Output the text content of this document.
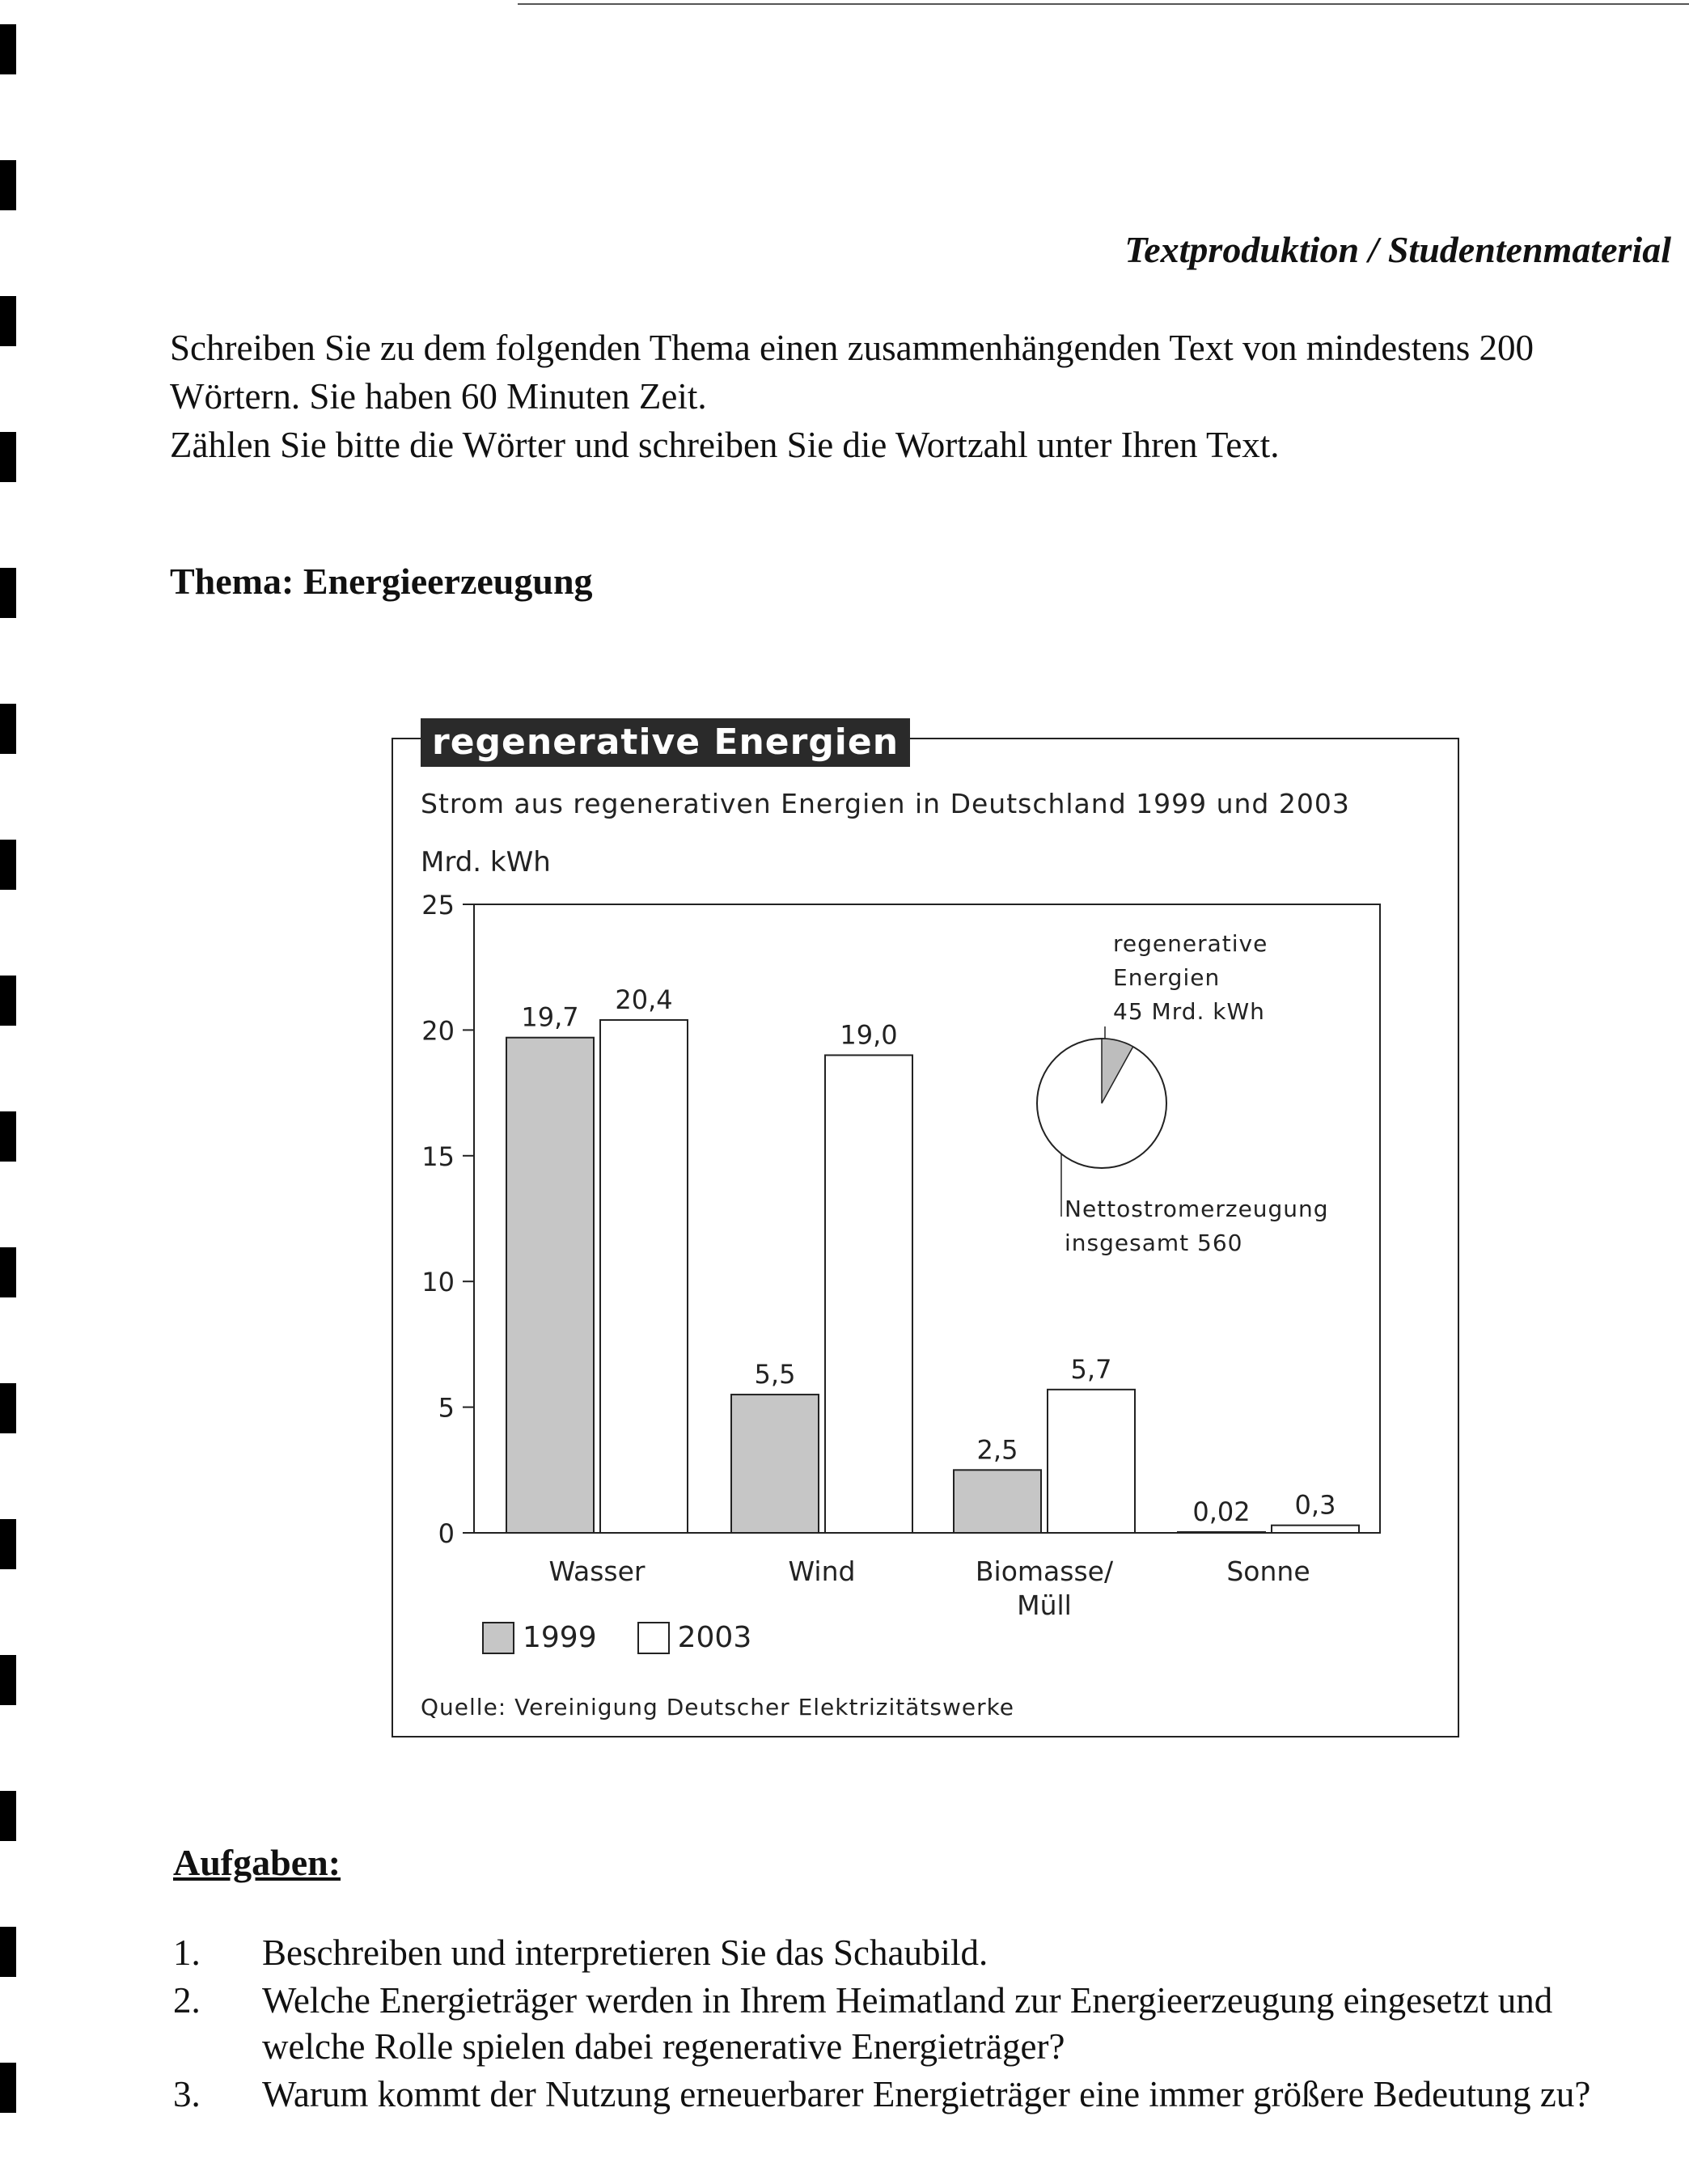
Textproduktion / Studentenmaterial

Schreiben Sie zu dem folgenden Thema einen zusammenhängenden Text von mindestens 200 Wörtern. Sie haben 60 Minuten Zeit.

Zählen Sie bitte die Wörter und schreiben Sie die Wortzahl unter Ihren Text.

Thema: Energieerzeugung
regenerative Energien
Strom aus regenerativen Energien in Deutschland 1999 und 2003
Mrd. kWh
0
5
10
15
20
25
19,7
20,4
Wasser
5,5
19,0
Wind
2,5
5,7
Biomasse/
Müll
0,02 0,3
Sonne
regenerative
Energien
45 Mrd. kWh
Nettostromerzeugung
insgesamt 560
1999	2003
Quelle: Vereinigung Deutscher Elektrizitätswerke
Aufgaben:
1.	Beschreiben und interpretieren Sie das Schaubild.
2.	Welche Energieträger werden in Ihrem Heimatland zur Energieerzeugung eingesetzt und welche Rolle spielen dabei regenerative Energieträger?
3.	Warum kommt der Nutzung erneuerbarer Energieträger eine immer größere Bedeutung zu?
